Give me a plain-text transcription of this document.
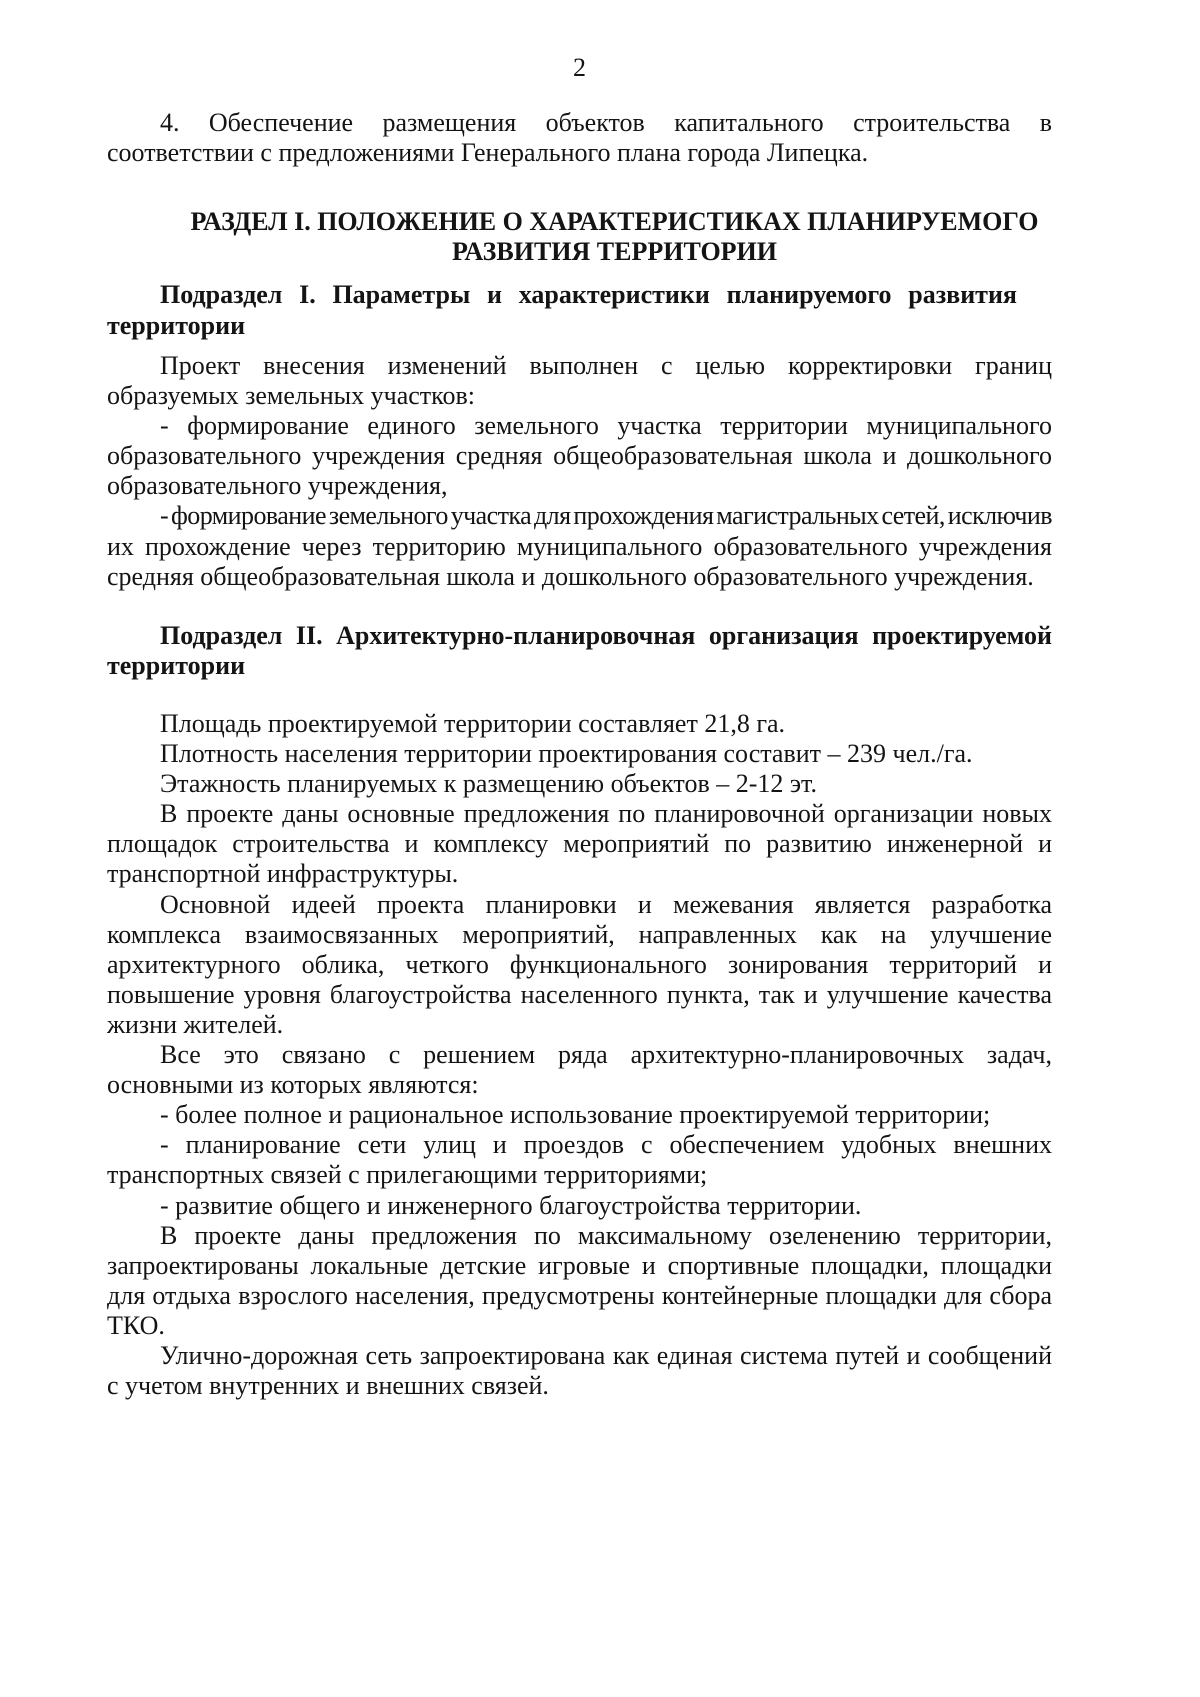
2
4. Обеспечение размещения объектов капитального строительства в
соответствии с предложениями Генерального плана города Липецка.
РАЗДЕЛ I. ПОЛОЖЕНИЕ О ХАРАКТЕРИСТИКАХ ПЛАНИРУЕМОГО
РАЗВИТИЯ ТЕРРИТОРИИ
Подраздел I. Параметры и характеристики планируемого развития
территории
Проект внесения изменений выполнен с целью корректировки границ
образуемых земельных участков:
- формирование единого земельного участка территории муниципального
образовательного учреждения средняя общеобразовательная школа и дошкольного
образовательного учреждения,
- формирование земельного участка для прохождения магистральных сетей, исключив
их прохождение через территорию муниципального образовательного учреждения
средняя общеобразовательная школа и дошкольного образовательного учреждения.
Подраздел II. Архитектурно-планировочная организация проектируемой
территории
Площадь проектируемой территории составляет 21,8 га.
Плотность населения территории проектирования составит – 239 чел./га.
Этажность планируемых к размещению объектов – 2-12 эт.
В проекте даны основные предложения по планировочной организации новых
площадок строительства и комплексу мероприятий по развитию инженерной и
транспортной инфраструктуры.
Основной идеей проекта планировки и межевания является разработка
комплекса взаимосвязанных мероприятий, направленных как на улучшение
архитектурного облика, четкого функционального зонирования территорий и
повышение уровня благоустройства населенного пункта, так и улучшение качества
жизни жителей.
Все это связано с решением ряда архитектурно-планировочных задач,
основными из которых являются:
- более полное и рациональное использование проектируемой территории;
- планирование сети улиц и проездов с обеспечением удобных внешних
транспортных связей с прилегающими территориями;
- развитие общего и инженерного благоустройства территории.
В проекте даны предложения по максимальному озеленению территории,
запроектированы локальные детские игровые и спортивные площадки, площадки
для отдыха взрослого населения, предусмотрены контейнерные площадки для сбора
ТКО.
Улично-дорожная сеть запроектирована как единая система путей и сообщений
с учетом внутренних и внешних связей.
